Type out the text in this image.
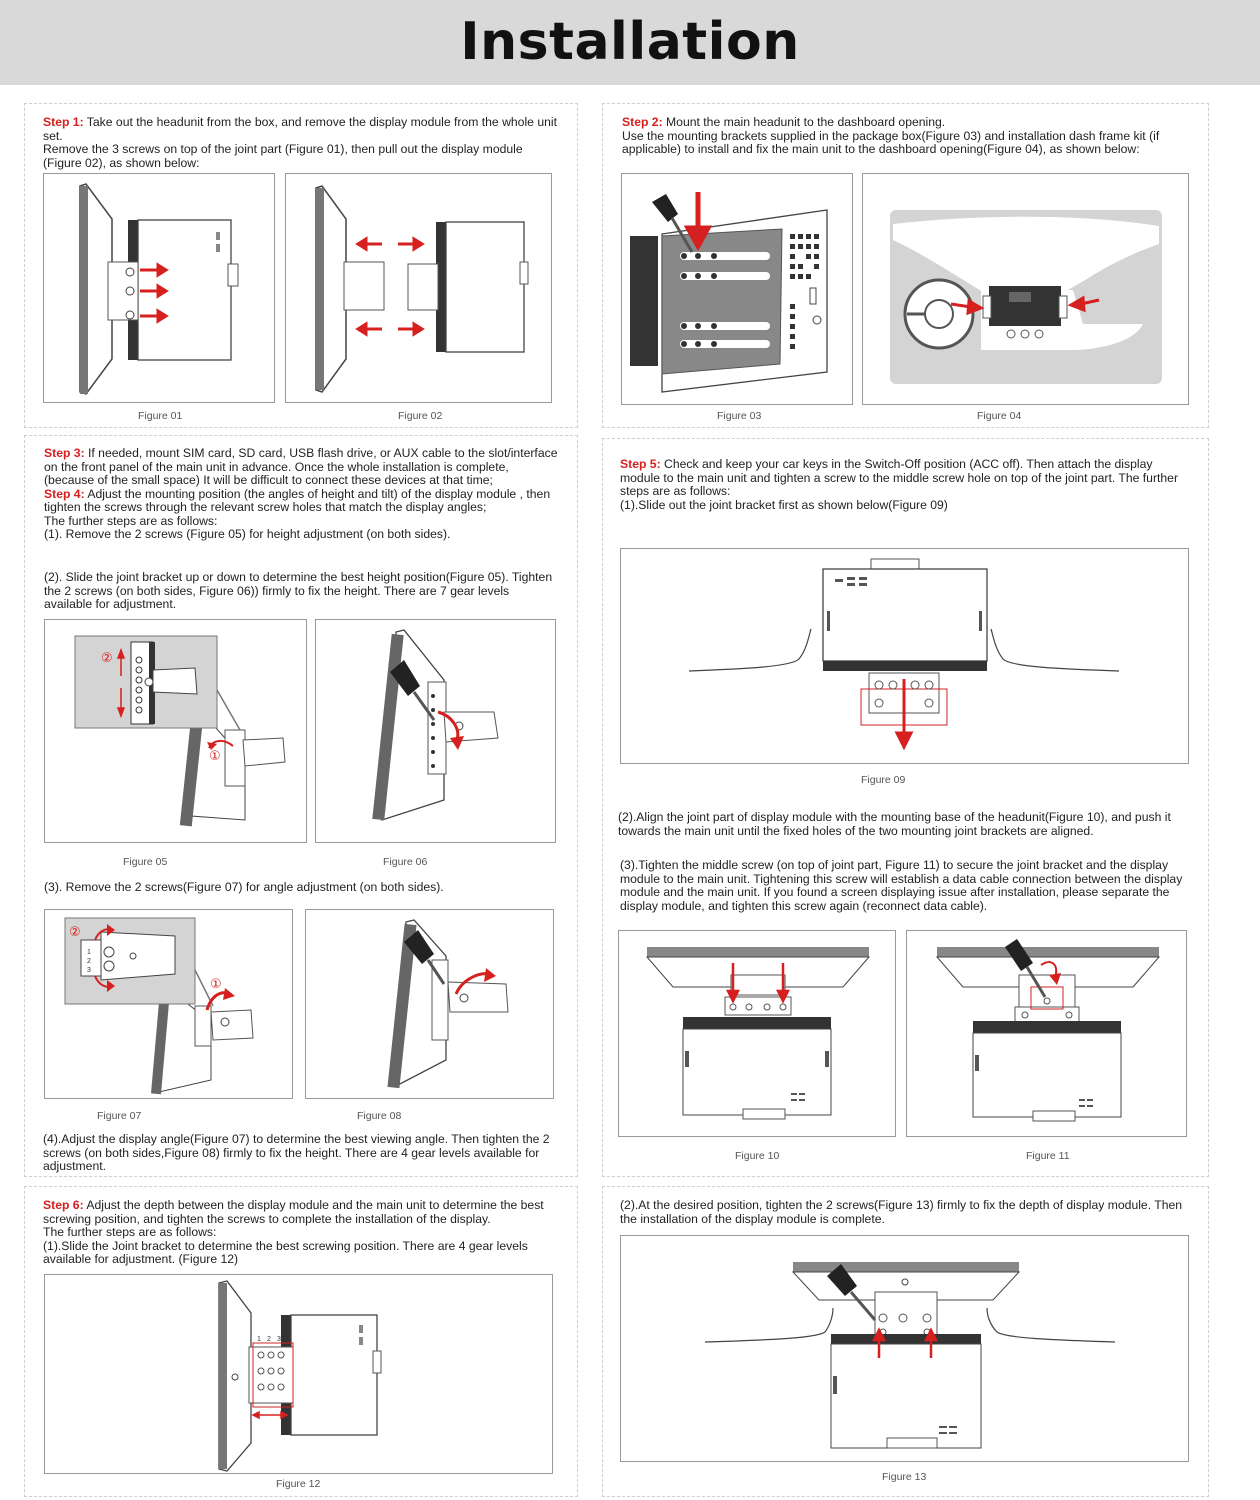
Installation

Step 1: Take out the headunit from the box, and remove the display module from the whole unit set.

Remove the 3 screws on top of the joint part (Figure 01), then pull out the display module (Figure 02), as shown below:

Figure 01	Figure 02

Step 2: Mount the main headunit to the dashboard opening.

Use the mounting brackets supplied in the package box(Figure 03) and installation dash frame kit (if applicable) to install and fix the main unit to the dashboard opening(Figure 04), as shown below:

Figure 03	Figure 04

Step 3: If needed, mount SIM card, SD card, USB flash drive, or AUX cable to the slot/interface on the front panel of the main unit in advance. Once the whole installation is complete, (because of the small space) It will be difficult to connect these devices at that time;

Step 4: Adjust the mounting position (the angles of height and tilt) of the display module , then tighten the screws through the relevant screw holes that match the display angles;

The further steps are as follows:

(1). Remove the 2 screws (Figure 05) for height adjustment (on both sides).

(2). Slide the joint bracket up or down to determine the best height position(Figure 05). Tighten the 2 screws (on both sides, Figure 06)) firmly to fix the height. There are 7 gear levels available for adjustment.

②
①
Figure 05	Figure 06

(3). Remove the 2 screws(Figure 07) for angle adjustment (on both sides).

②
1
2
3
①
Figure 07	Figure 08

(4).Adjust the display angle(Figure 07) to determine the best viewing angle. Then tighten the 2 screws (on both sides,Figure 08) firmly to fix the height. There are 4 gear levels available for adjustment.

Step 5: Check and keep your car keys in the Switch-Off position (ACC off). Then attach the display module to the main unit and tighten a screw to the middle screw hole on top of the joint part. The further steps are as follows:

(1).Slide out the joint bracket first as shown below(Figure 09)

Figure 09

(2).Align the joint part of display module with the mounting base of the headunit(Figure 10), and push it towards the main unit until the fixed holes of the two mounting joint brackets are aligned.

(3).Tighten the middle screw (on top of joint part, Figure 11) to secure the joint bracket and the display module to the main unit. Tightening this screw will establish a data cable connection between the display module and the main unit. If you found a screen displaying issue after installation, please separate the display module, and tighten this screw again (reconnect data cable).

Figure 10	Figure 11

Step 6: Adjust the depth between the display module and the main unit to determine the best screwing position, and tighten the screws to complete the installation of the display.

The further steps are as follows:

(1).Slide the Joint bracket to determine the best screwing position. There are 4 gear levels available for adjustment. (Figure 12)

1 2 3
Figure 12

(2).At the desired position, tighten the 2 screws(Figure 13) firmly to fix the depth of display module. Then the installation of the display module is complete.

Figure 13
